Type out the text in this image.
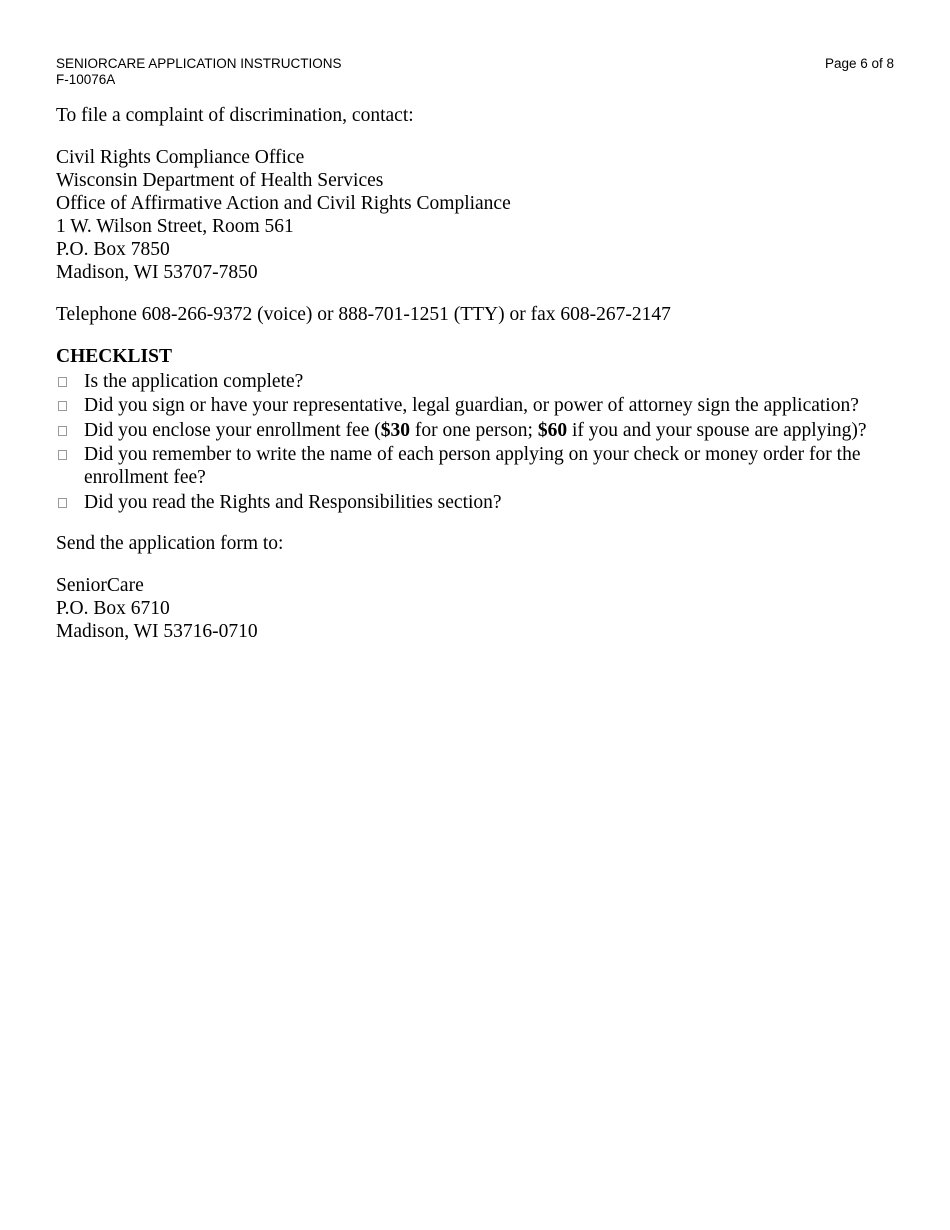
SENIORCARE APPLICATION INSTRUCTIONS
F-10076A
Page 6 of 8

To file a complaint of discrimination, contact:

Civil Rights Compliance Office
Wisconsin Department of Health Services
Office of Affirmative Action and Civil Rights Compliance
1 W. Wilson Street, Room 561
P.O. Box 7850
Madison, WI 53707-7850

Telephone 608-266-9372 (voice) or 888-701-1251 (TTY) or fax 608-267-2147

CHECKLIST
Is the application complete?
Did you sign or have your representative, legal guardian, or power of attorney sign the application?
Did you enclose your enrollment fee ($30 for one person; $60 if you and your spouse are applying)?
Did you remember to write the name of each person applying on your check or money order for the enrollment fee?
Did you read the Rights and Responsibilities section?

Send the application form to:

SeniorCare
P.O. Box 6710
Madison, WI 53716-0710
